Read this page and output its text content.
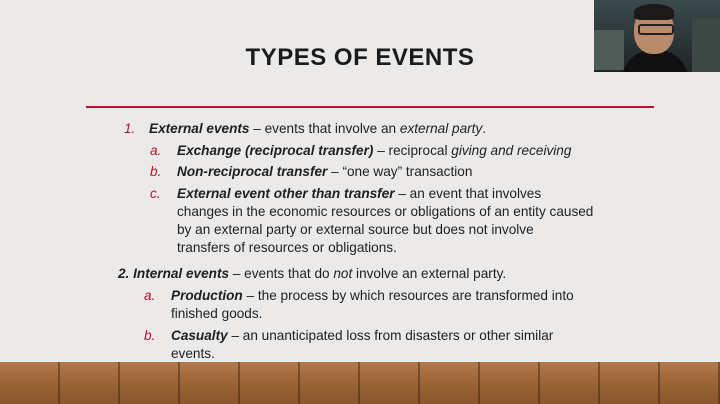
TYPES OF EVENTS
1. External events – events that involve an external party.
a. Exchange (reciprocal transfer) – reciprocal giving and receiving
b. Non-reciprocal transfer – “one way” transaction
c. External event other than transfer – an event that involves
changes in the economic resources or obligations of an entity caused
by an external party or external source but does not involve
transfers of resources or obligations.
2. Internal events – events that do not involve an external party.
a. Production – the process by which resources are transformed into
finished goods.
b. Casualty – an unanticipated loss from disasters or other similar
events.
